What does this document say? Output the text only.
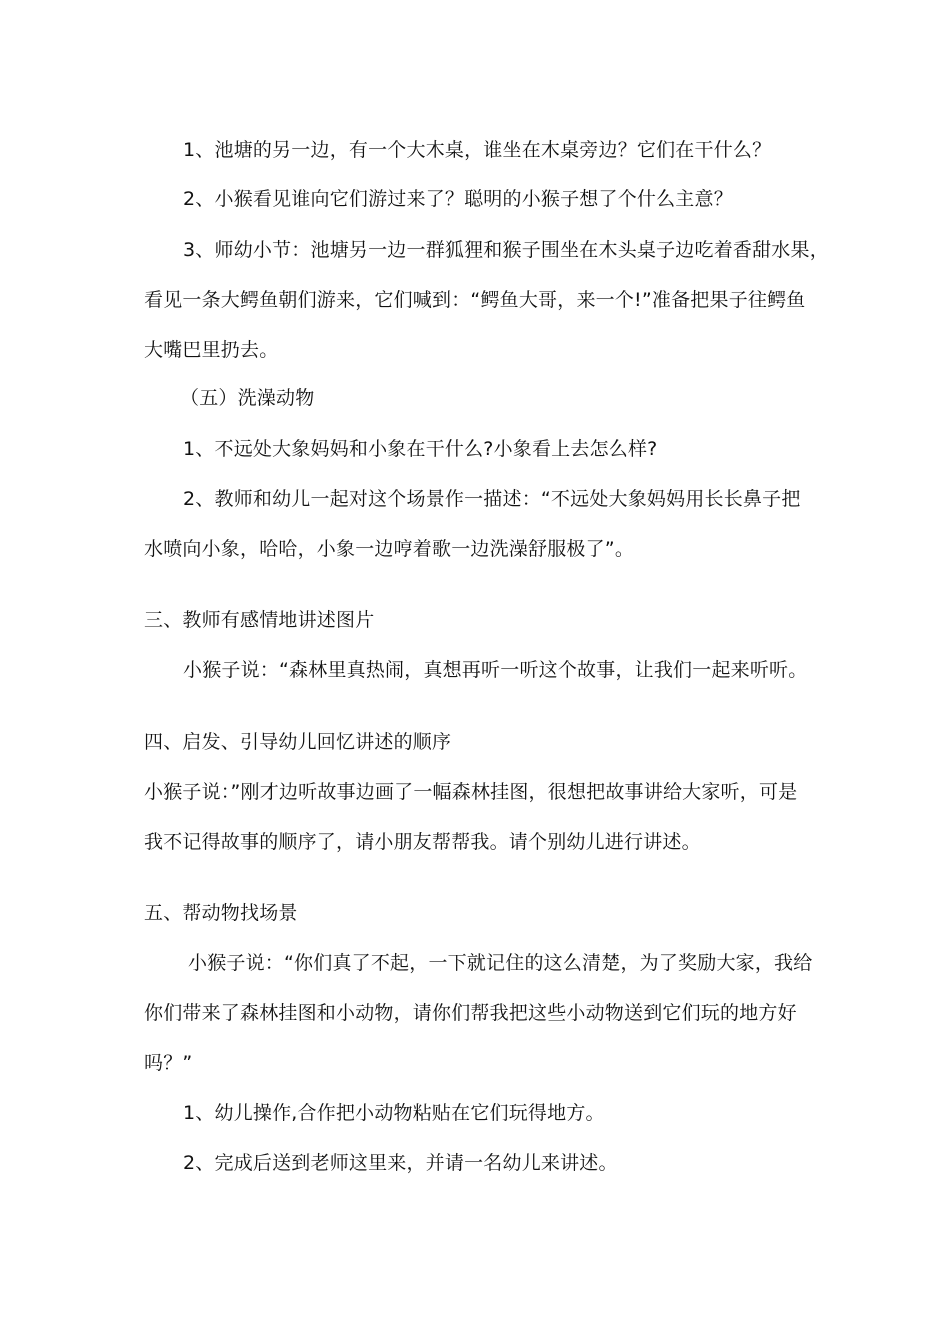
1、池塘的另一边，有一个大木桌，谁坐在木桌旁边？它们在干什么？
2、小猴看见谁向它们游过来了？聪明的小猴子想了个什么主意？
3、师幼小节：池塘另一边一群狐狸和猴子围坐在木头桌子边吃着香甜水果，
看见一条大鳄鱼朝们游来，它们喊到：“鳄鱼大哥，来一个!”准备把果子往鳄鱼
大嘴巴里扔去。
（五）洗澡动物
1、不远处大象妈妈和小象在干什么?小象看上去怎么样?
2、教师和幼儿一起对这个场景作一描述：“不远处大象妈妈用长长鼻子把
水喷向小象，哈哈，小象一边哼着歌一边洗澡舒服极了”。
三、教师有感情地讲述图片
小猴子说：“森林里真热闹，真想再听一听这个故事，让我们一起来听听。
四、启发、引导幼儿回忆讲述的顺序
小猴子说：”刚才边听故事边画了一幅森林挂图，很想把故事讲给大家听，可是
我不记得故事的顺序了，请小朋友帮帮我。请个别幼儿进行讲述。
五、帮动物找场景
小猴子说：“你们真了不起，一下就记住的这么清楚，为了奖励大家，我给
你们带来了森林挂图和小动物，请你们帮我把这些小动物送到它们玩的地方好
吗？”
1、幼儿操作,合作把小动物粘贴在它们玩得地方。
2、完成后送到老师这里来，并请一名幼儿来讲述。
